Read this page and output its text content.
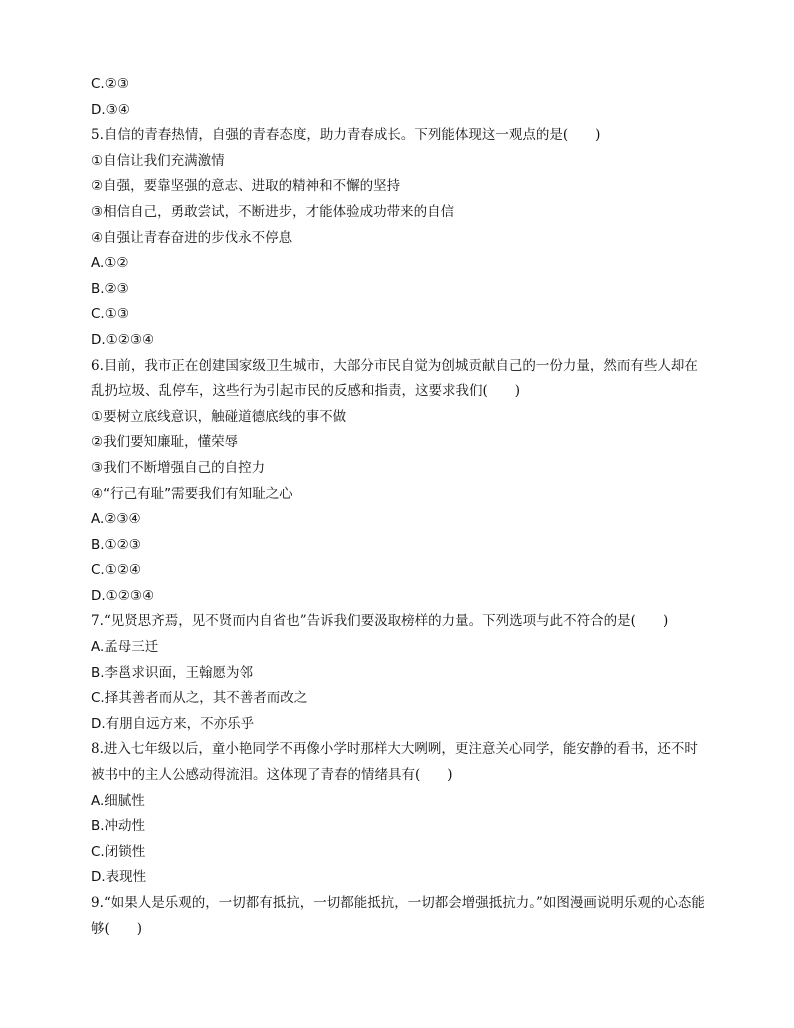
C.②③
D.③④
5.自信的青春热情，自强的青春态度，助力青春成长。下列能体现这一观点的是(　　)
①自信让我们充满激情
②自强，要靠坚强的意志、进取的精神和不懈的坚持
③相信自己，勇敢尝试，不断进步，才能体验成功带来的自信
④自强让青春奋进的步伐永不停息
A.①②
B.②③
C.①③
D.①②③④
6.目前，我市正在创建国家级卫生城市，大部分市民自觉为创城贡献自己的一份力量，然而有些人却在乱扔垃圾、乱停车，这些行为引起市民的反感和指责，这要求我们(　　)
①要树立底线意识，触碰道德底线的事不做
②我们要知廉耻，懂荣辱
③我们不断增强自己的自控力
④“行己有耻”需要我们有知耻之心
A.②③④
B.①②③
C.①②④
D.①②③④
7.“见贤思齐焉，见不贤而内自省也”告诉我们要汲取榜样的力量。下列选项与此不符合的是(　　)
A.孟母三迁
B.李邕求识面，王翰愿为邻
C.择其善者而从之，其不善者而改之
D.有朋自远方来，不亦乐乎
8.进入七年级以后，童小艳同学不再像小学时那样大大咧咧，更注意关心同学，能安静的看书，还不时被书中的主人公感动得流泪。这体现了青春的情绪具有(　　)
A.细腻性
B.冲动性
C.闭锁性
D.表现性
9.“如果人是乐观的，一切都有抵抗，一切都能抵抗，一切都会增强抵抗力。”如图漫画说明乐观的心态能够(　　)
